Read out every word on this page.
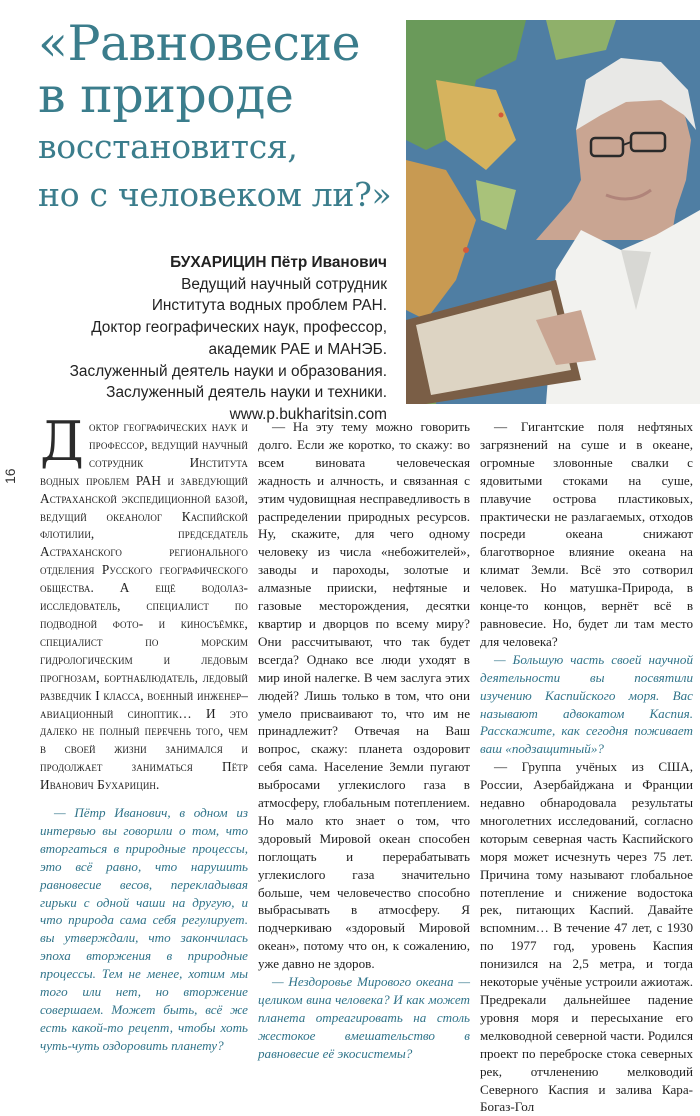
«Равновесие
в природе
восстановится,
но с человеком ли?»
БУХАРИЦИН Пётр Иванович
Ведущий научный сотрудник
Института водных проблем РАН.
Доктор географических наук, профессор,
академик РАЕ и МАНЭБ.
Заслуженный деятель науки и образования.
Заслуженный деятель науки и техники.
www.p.bukharitsin.com
16

Доктор географических наук и профессор, ведущий научный сотрудник Института водных проблем РАН и заведующий Астраханской экспедиционной базой, ведущий океанолог Каспийской флотилии, председатель Астраханского регионального отделения Русского географического общества. А ещё водолаз-исследователь, специалист по подводной фото- и киносъёмке, специалист по морским гидрологическим и ледовым прогнозам, бортнаблюдатель, ледовый разведчик I класса, военный инженер–авиационный синоптик… И это далеко не полный перечень того, чем в своей жизни занимался и продолжает заниматься Пётр Иванович Бухарицин.

— Пётр Иванович, в одном из интервью вы говорили о том, что вторгаться в природные процессы, это всё равно, что нарушить равновесие весов, перекладывая гирьки с одной чаши на другую, и что природа сама себя регулирует. вы утверждали, что закончилась эпоха вторжения в природные процессы. Тем не менее, хотим мы того или нет, но вторжение совершаем. Может быть, всё же есть какой-то рецепт, чтобы хоть чуть-чуть оздоровить планету?

— На эту тему можно говорить долго. Если же коротко, то скажу: во всем виновата человеческая жадность и алчность, и связанная с этим чудовищная несправедливость в распределении природных ресурсов. Ну, скажите, для чего одному человеку из числа «небожителей», заводы и пароходы, золотые и алмазные прииски, нефтяные и газовые месторождения, десятки квартир и дворцов по всему миру? Они рассчитывают, что так будет всегда? Однако все люди уходят в мир иной налегке. В чем заслуга этих людей? Лишь только в том, что они умело присваивают то, что им не принадлежит? Отвечая на Ваш вопрос, скажу: планета оздоровит себя сама. Население Земли пугают выбросами углекислого газа в атмосферу, глобальным потеплением. Но мало кто знает о том, что здоровый Мировой океан способен поглощать и перерабатывать углекислого газа значительно больше, чем человечество способно выбрасывать в атмосферу. Я подчеркиваю «здоровый Мировой океан», потому что он, к сожалению, уже давно не здоров.

— Нездоровье Мирового океана — целиком вина человека? И как может планета отреагировать на столь жестокое вмешательство в равновесие её экосистемы?

— Гигантские поля нефтяных загрязнений на суше и в океане, огромные зловонные свалки с ядовитыми стоками на суше, плавучие острова пластиковых, практически не разлагаемых, отходов посреди океана снижают благотворное влияние океана на климат Земли. Всё это сотворил человек. Но матушка-Природа, в конце-то концов, вернёт всё в равновесие. Но, будет ли там место для человека?

— Большую часть своей научной деятельности вы посвятили изучению Каспийского моря. Вас называют адвокатом Каспия. Расскажите, как сегодня поживает ваш «подзащитный»?

— Группа учёных из США, России, Азербайджана и Франции недавно обнародовала результаты многолетних исследований, согласно которым северная часть Каспийского моря может исчезнуть через 75 лет. Причина тому называют глобальное потепление и снижение водостока рек, питающих Каспий. Давайте вспомним… В течение 47 лет, с 1930 по 1977 год, уровень Каспия понизился на 2,5 метра, и тогда некоторые учёные устроили ажиотаж. Предрекали дальнейшее падение уровня моря и пересыхание его мелководной северной части. Родился проект по переброске стока северных рек, отчленению мелководий Северного Каспия и залива Кара-Богаз-Гол
